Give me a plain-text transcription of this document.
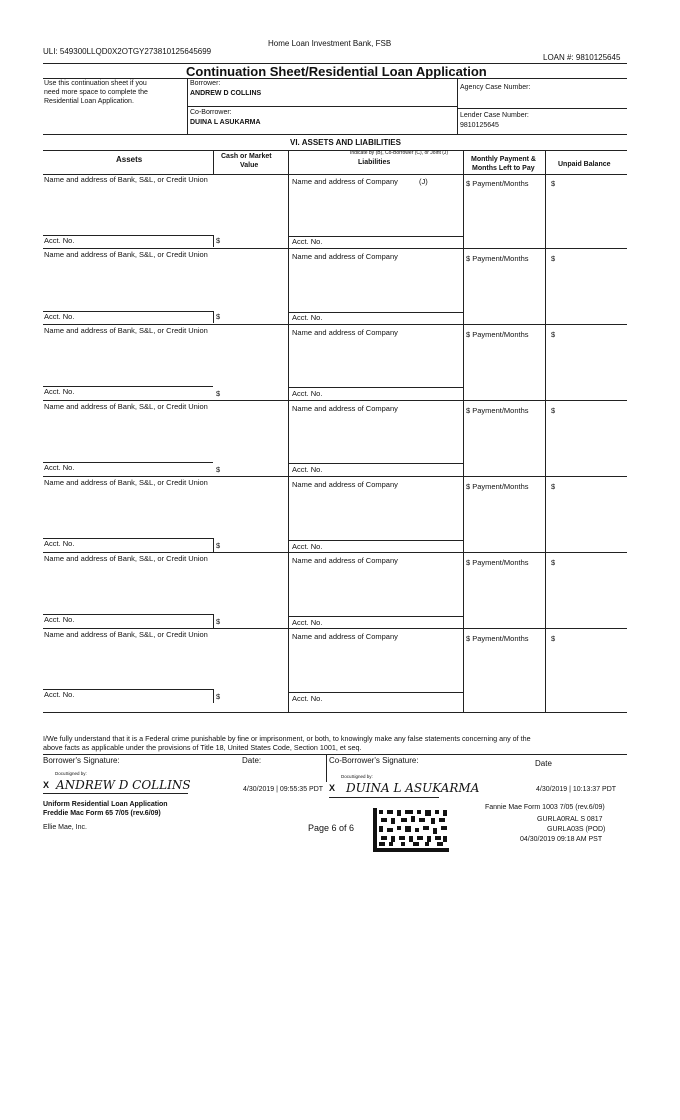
ULI: 549300LLQD0X2OTGY273810125645699
Home Loan Investment Bank, FSB
LOAN #: 9810125645
Continuation Sheet/Residential Loan Application
Use this continuation sheet if you
need more space to complete the
Residential Loan Application.
Borrower:
ANDREW D COLLINS
Co-Borrower:
DUINA L ASUKARMA
Agency Case Number:
Lender Case Number:
9810125645
VI. ASSETS AND LIABILITIES
Assets	Cash or Market
Value
Indicate by (B), Co-Borrower (C), or Joint (J)
Liabilities	Monthly Payment &
Months Left to Pay
Unpaid Balance
Name and address of Bank, S&L, or Credit Union	Name and address of Company	(J)	$ Payment/Months	$
Acct. No.	$	Acct. No.
Name and address of Bank, S&L, or Credit Union	Name and address of Company	$ Payment/Months	$
Acct. No.	$	Acct. No.
Name and address of Bank, S&L, or Credit Union	Name and address of Company	$ Payment/Months	$
Acct. No.	$	Acct. No.
Name and address of Bank, S&L, or Credit Union	Name and address of Company	$ Payment/Months	$
Acct. No.	$	Acct. No.
Name and address of Bank, S&L, or Credit Union	Name and address of Company	$ Payment/Months	$
Acct. No.	$	Acct. No.
Name and address of Bank, S&L, or Credit Union	Name and address of Company	$ Payment/Months	$
Acct. No.	$	Acct. No.
Name and address of Bank, S&L, or Credit Union	Name and address of Company	$ Payment/Months	$
Acct. No.	$	Acct. No.
I/We fully understand that it is a Federal crime punishable by fine or imprisonment, or both, to knowingly make any false statements concerning any of the
above facts as applicable under the provisions of Title 18, United States Code, Section 1001, et seq.
Borrower's Signature:	Date:	Co-Borrower's Signature:	Date
X
DocuSigned by:
ANDREW D COLLINS	4/30/2019 | 09:55:35 PDT X
DocuSigned by:
DUINA L ASUKARMA	4/30/2019 | 10:13:37 PDT
Uniform Residential Loan Application
Freddie Mac Form 65 7/05 (rev.6/09)
Ellie Mae, Inc.	Page 6 of 6
Fannie Mae Form 1003 7/05 (rev.6/09)
GURLA0RAL S 0817
GURLA03S (POD)
04/30/2019 09:18 AM PST
